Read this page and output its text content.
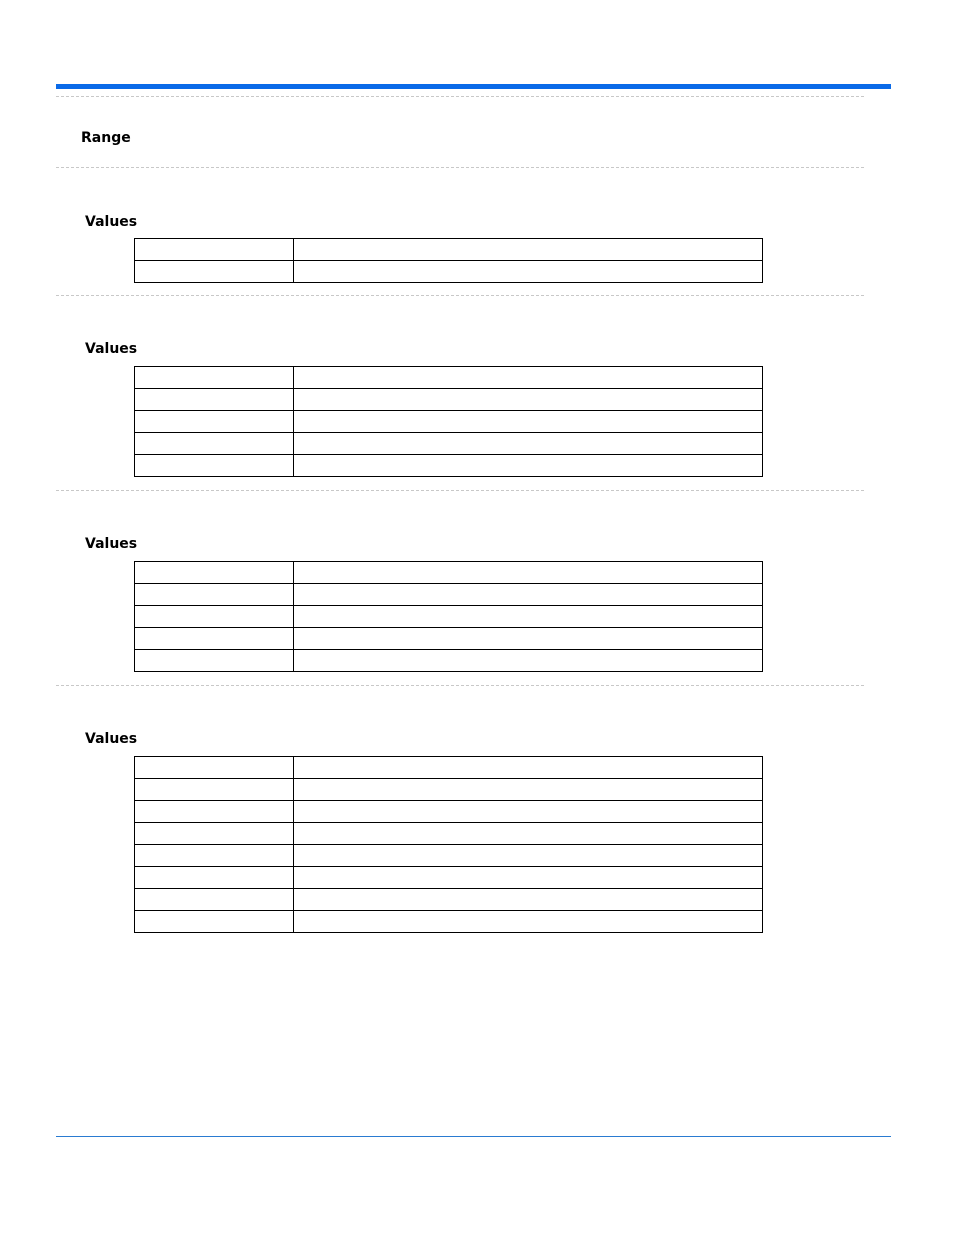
Range
Values

Values

Values

Values
